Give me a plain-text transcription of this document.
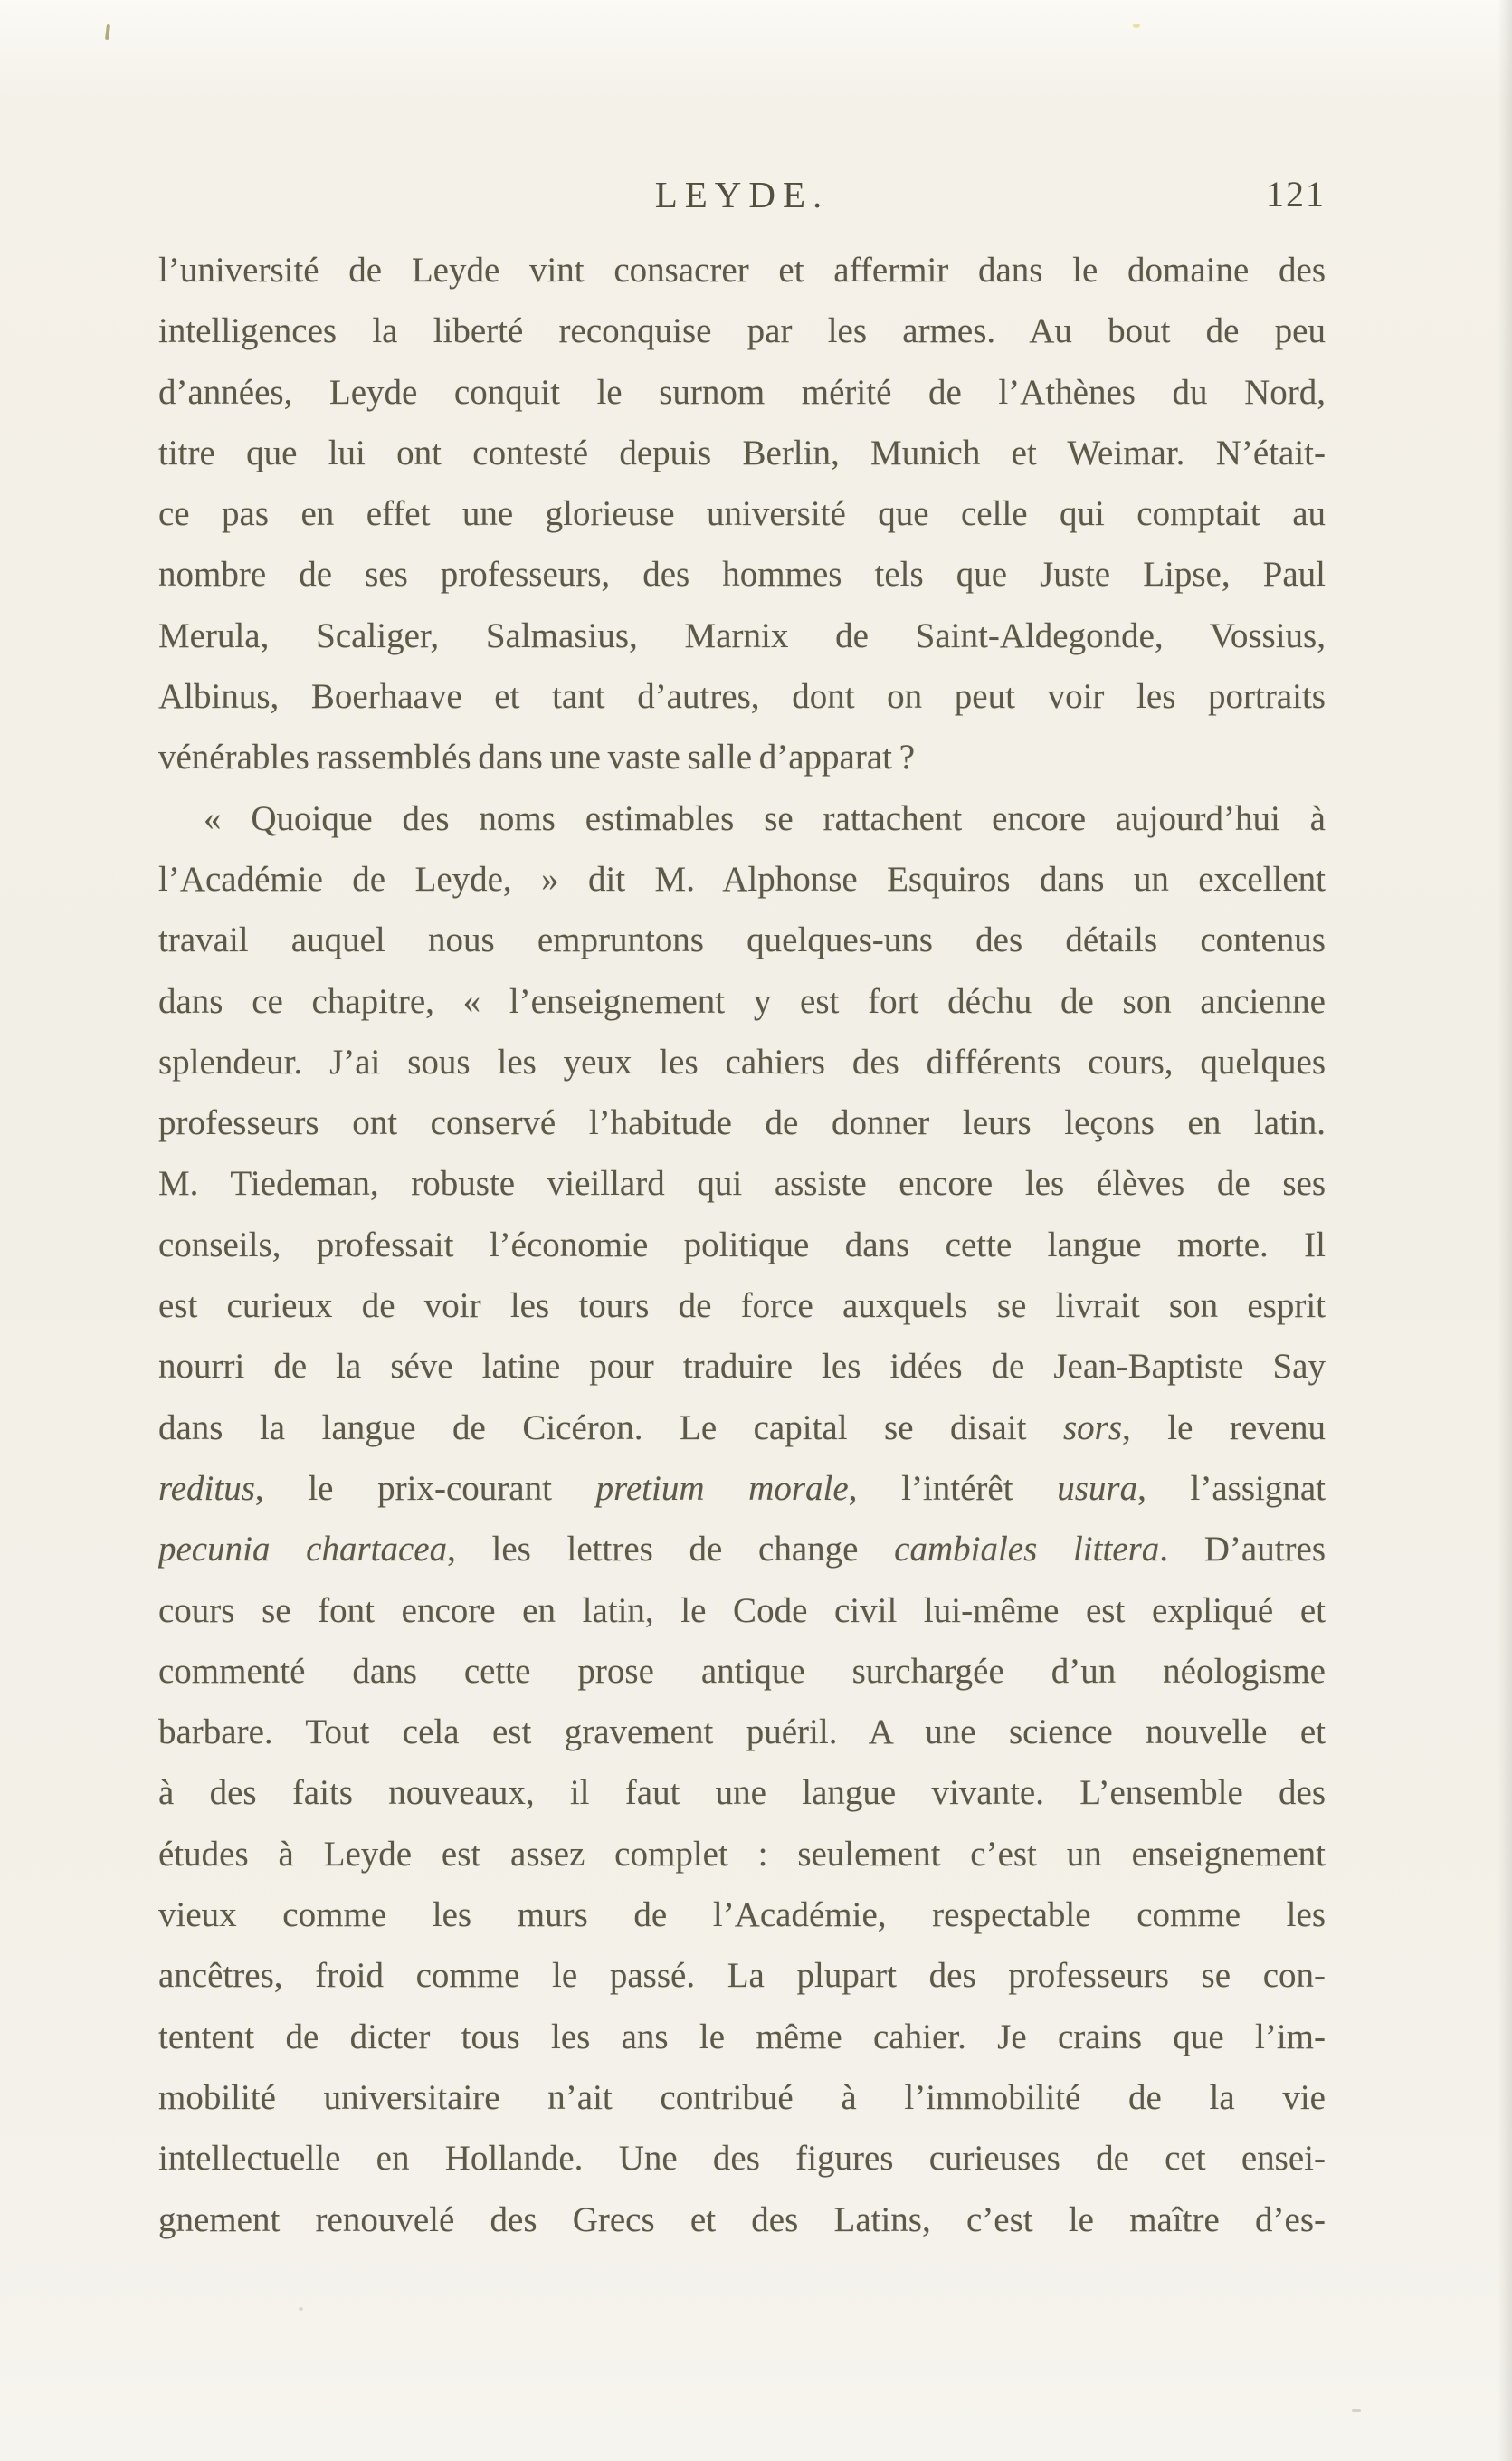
LEYDE.	121
l’université de Leyde vint consacrer et affermir dans le domaine des
intelligences la liberté reconquise par les armes. Au bout de peu
d’années, Leyde conquit le surnom mérité de l’Athènes du Nord,
titre que lui ont contesté depuis Berlin, Munich et Weimar. N’était-
ce pas en effet une glorieuse université que celle qui comptait au
nombre de ses professeurs, des hommes tels que Juste Lipse, Paul
Merula, Scaliger, Salmasius, Marnix de Saint-Aldegonde, Vossius,
Albinus, Boerhaave et tant d’autres, dont on peut voir les portraits
vénérables rassemblés dans une vaste salle d’apparat ?
« Quoique des noms estimables se rattachent encore aujourd’hui à
l’Académie de Leyde, » dit M. Alphonse Esquiros dans un excellent
travail auquel nous empruntons quelques-uns des détails contenus
dans ce chapitre, « l’enseignement y est fort déchu de son ancienne
splendeur. J’ai sous les yeux les cahiers des différents cours, quelques
professeurs ont conservé l’habitude de donner leurs leçons en latin.
M. Tiedeman, robuste vieillard qui assiste encore les élèves de ses
conseils, professait l’économie politique dans cette langue morte. Il
est curieux de voir les tours de force auxquels se livrait son esprit
nourri de la séve latine pour traduire les idées de Jean-Baptiste Say
dans la langue de Cicéron. Le capital se disait sors, le revenu
reditus, le prix-courant pretium morale, l’intérêt usura, l’assignat
pecunia chartacea, les lettres de change cambiales littera. D’autres
cours se font encore en latin, le Code civil lui-même est expliqué et
commenté dans cette prose antique surchargée d’un néologisme
barbare. Tout cela est gravement puéril. A une science nouvelle et
à des faits nouveaux, il faut une langue vivante. L’ensemble des
études à Leyde est assez complet : seulement c’est un enseignement
vieux comme les murs de l’Académie, respectable comme les
ancêtres, froid comme le passé. La plupart des professeurs se con-
tentent de dicter tous les ans le même cahier. Je crains que l’im-
mobilité universitaire n’ait contribué à l’immobilité de la vie
intellectuelle en Hollande. Une des figures curieuses de cet ensei-
gnement renouvelé des Grecs et des Latins, c’est le maître d’es-
